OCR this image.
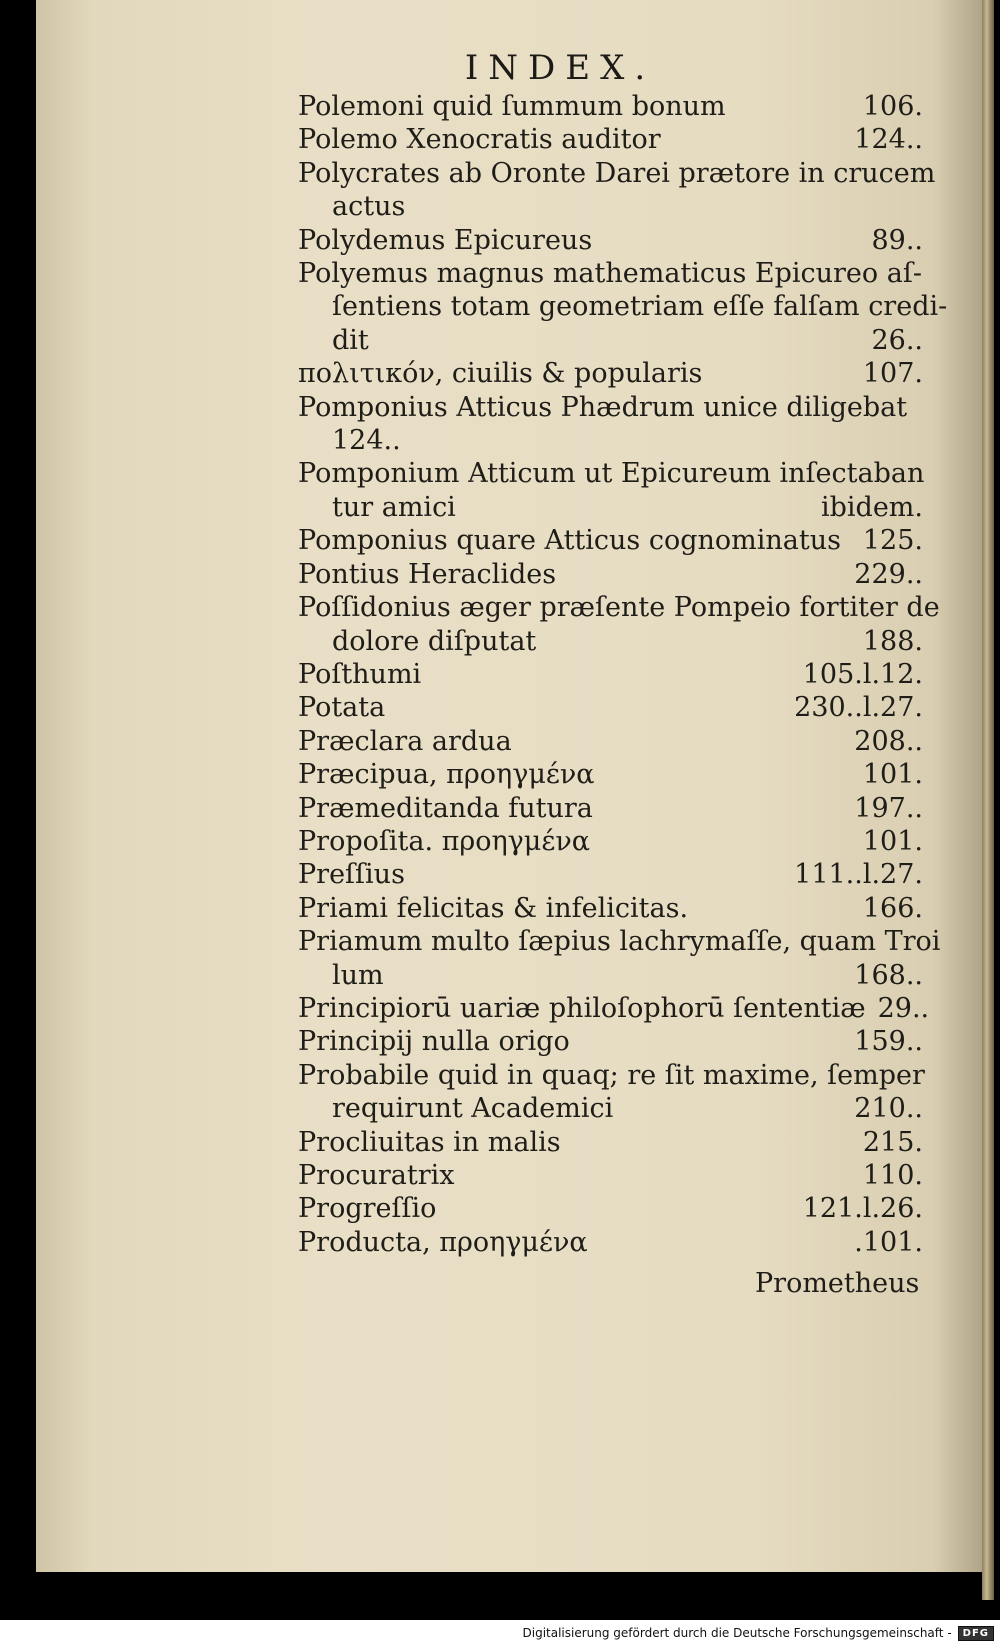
INDEX.
Polemoni quid ſummum bonum	106.
Polemo Xenocratis auditor	124..
Polycrates ab Oronte Darei prætore in crucem
actus
Polydemus Epicureus	89..
Polyemus magnus mathematicus Epicureo aſ-
ſentiens totam geometriam eſſe falſam credi-
dit	26..
πολιτικόν, ciuilis & popularis	107.
Pomponius Atticus Phædrum unice diligebat
124..
Pomponium Atticum ut Epicureum inſectaban
tur amici	ibidem.
Pomponius quare Atticus cognominatus 125.
Pontius Heraclides	229..
Poſſidonius æger præſente Pompeio fortiter de
dolore diſputat	188.
Poſthumi	105.l.12.
Potata	230..l.27.
Præclara ardua	208..
Præcipua, προηγμένα	101.
Præmeditanda futura	197..
Propoſita. προηγμένα	101.
Preſſius	111..l.27.
Priami felicitas & infelicitas.	166.
Priamum multo ſæpius lachrymaſſe, quam Troi
lum	168..
Principiorū uariæ philoſophorū ſententiæ 29..
Principij nulla origo	159..
Probabile quid in quaq; re ſit maxime, ſemper
requirunt Academici	210..
Procliuitas in malis	215.
Procuratrix	110.
Progreſſio	121.l.26.
Producta, προηγμένα	.101.
Prometheus
Digitalisierung gefördert durch die Deutsche Forschungsgemeinschaft -	DFG
